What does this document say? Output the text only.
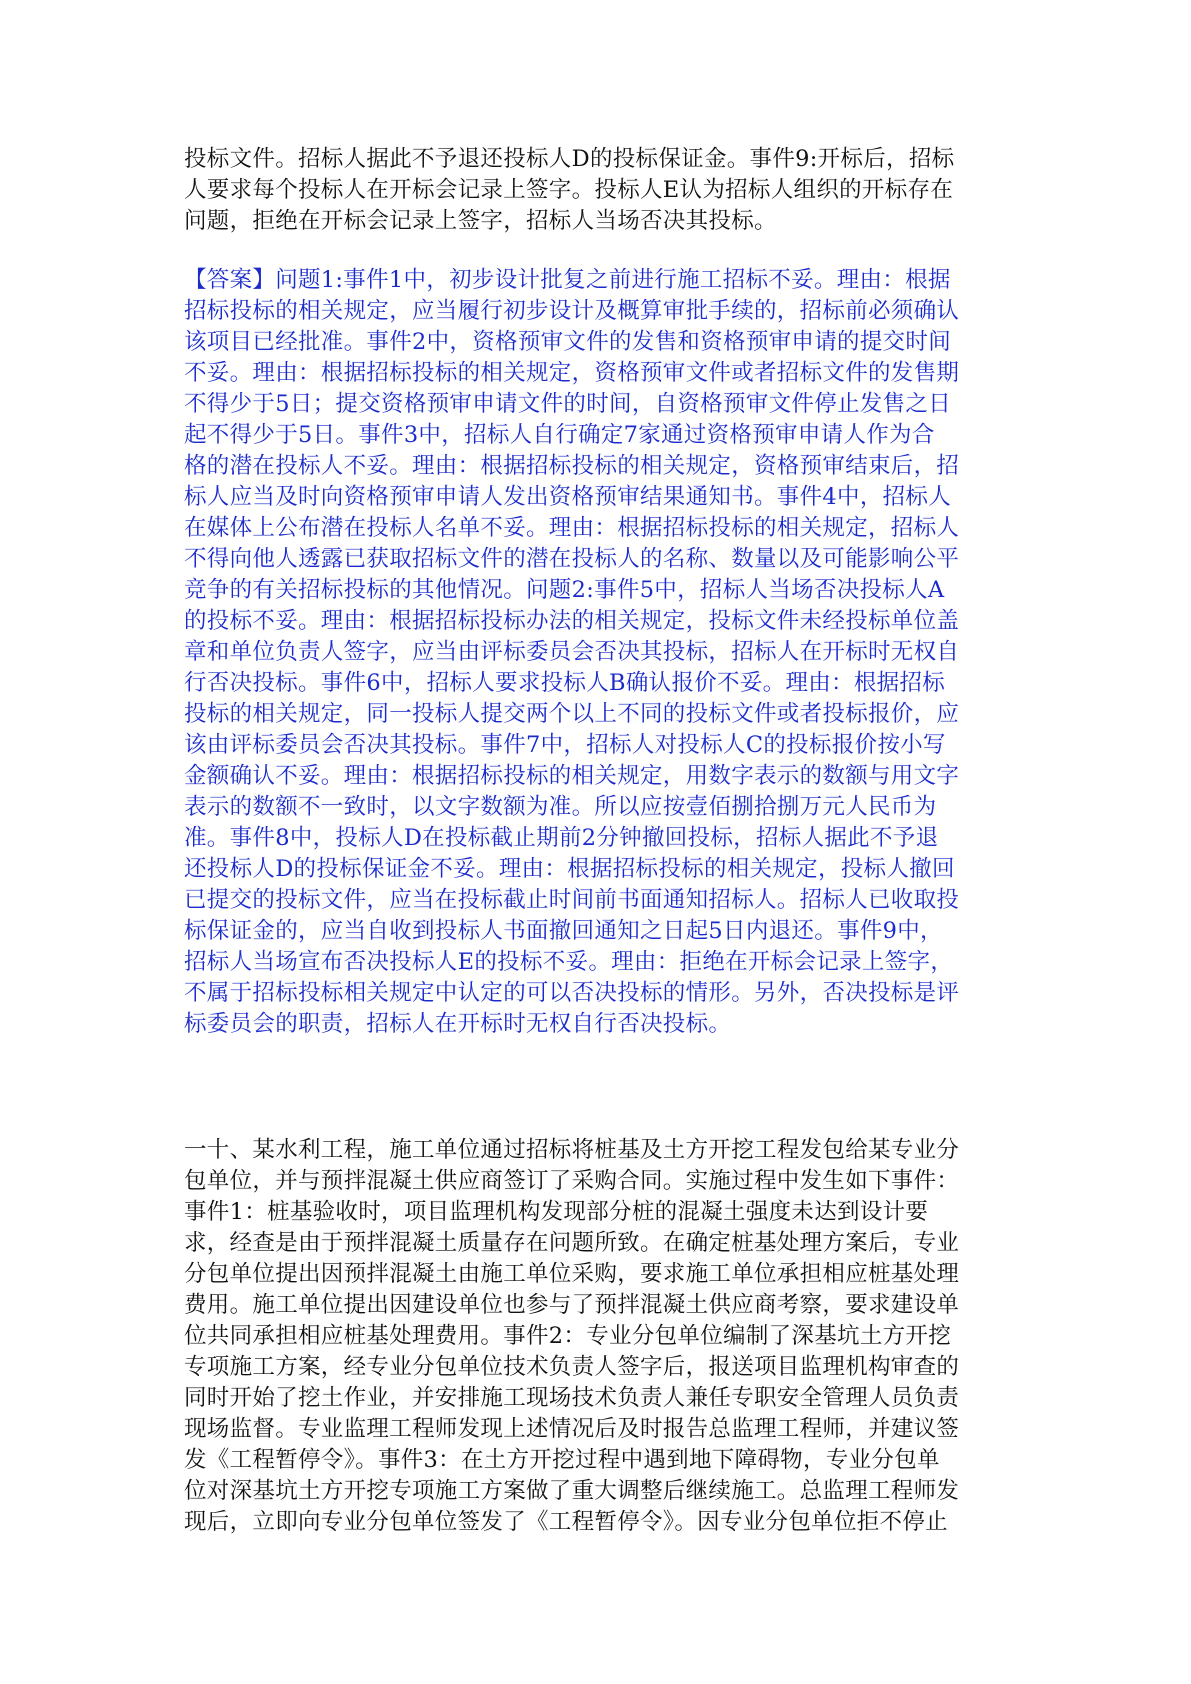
投标文件。招标人据此不予退还投标人D的投标保证金。事件9:开标后，招标
人要求每个投标人在开标会记录上签字。投标人E认为招标人组织的开标存在
问题，拒绝在开标会记录上签字，招标人当场否决其投标。
【答案】问题1:事件1中，初步设计批复之前进行施工招标不妥。理由：根据
招标投标的相关规定，应当履行初步设计及概算审批手续的，招标前必须确认
该项目已经批准。事件2中，资格预审文件的发售和资格预审申请的提交时间
不妥。理由：根据招标投标的相关规定，资格预审文件或者招标文件的发售期
不得少于5日；提交资格预审申请文件的时间，自资格预审文件停止发售之日
起不得少于5日。事件3中，招标人自行确定7家通过资格预审申请人作为合
格的潜在投标人不妥。理由：根据招标投标的相关规定，资格预审结束后，招
标人应当及时向资格预审申请人发出资格预审结果通知书。事件4中，招标人
在媒体上公布潜在投标人名单不妥。理由：根据招标投标的相关规定，招标人
不得向他人透露已获取招标文件的潜在投标人的名称、数量以及可能影响公平
竞争的有关招标投标的其他情况。问题2:事件5中，招标人当场否决投标人A
的投标不妥。理由：根据招标投标办法的相关规定，投标文件未经投标单位盖
章和单位负责人签字，应当由评标委员会否决其投标，招标人在开标时无权自
行否决投标。事件6中，招标人要求投标人B确认报价不妥。理由：根据招标
投标的相关规定，同一投标人提交两个以上不同的投标文件或者投标报价，应
该由评标委员会否决其投标。事件7中，招标人对投标人C的投标报价按小写
金额确认不妥。理由：根据招标投标的相关规定，用数字表示的数额与用文字
表示的数额不一致时，以文字数额为准。所以应按壹佰捌拾捌万元人民币为
准。事件8中，投标人D在投标截止期前2分钟撤回投标，招标人据此不予退
还投标人D的投标保证金不妥。理由：根据招标投标的相关规定，投标人撤回
已提交的投标文件，应当在投标截止时间前书面通知招标人。招标人已收取投
标保证金的，应当自收到投标人书面撤回通知之日起5日内退还。事件9中，
招标人当场宣布否决投标人E的投标不妥。理由：拒绝在开标会记录上签字，
不属于招标投标相关规定中认定的可以否决投标的情形。另外，否决投标是评
标委员会的职责，招标人在开标时无权自行否决投标。
一十、某水利工程，施工单位通过招标将桩基及土方开挖工程发包给某专业分
包单位，并与预拌混凝土供应商签订了采购合同。实施过程中发生如下事件：
事件1：桩基验收时，项目监理机构发现部分桩的混凝土强度未达到设计要
求，经查是由于预拌混凝土质量存在问题所致。在确定桩基处理方案后，专业
分包单位提出因预拌混凝土由施工单位采购，要求施工单位承担相应桩基处理
费用。施工单位提出因建设单位也参与了预拌混凝土供应商考察，要求建设单
位共同承担相应桩基处理费用。事件2：专业分包单位编制了深基坑土方开挖
专项施工方案，经专业分包单位技术负责人签字后，报送项目监理机构审查的
同时开始了挖土作业，并安排施工现场技术负责人兼任专职安全管理人员负责
现场监督。专业监理工程师发现上述情况后及时报告总监理工程师，并建议签
发《工程暂停令》。事件3：在土方开挖过程中遇到地下障碍物，专业分包单
位对深基坑土方开挖专项施工方案做了重大调整后继续施工。总监理工程师发
现后，立即向专业分包单位签发了《工程暂停令》。因专业分包单位拒不停止
